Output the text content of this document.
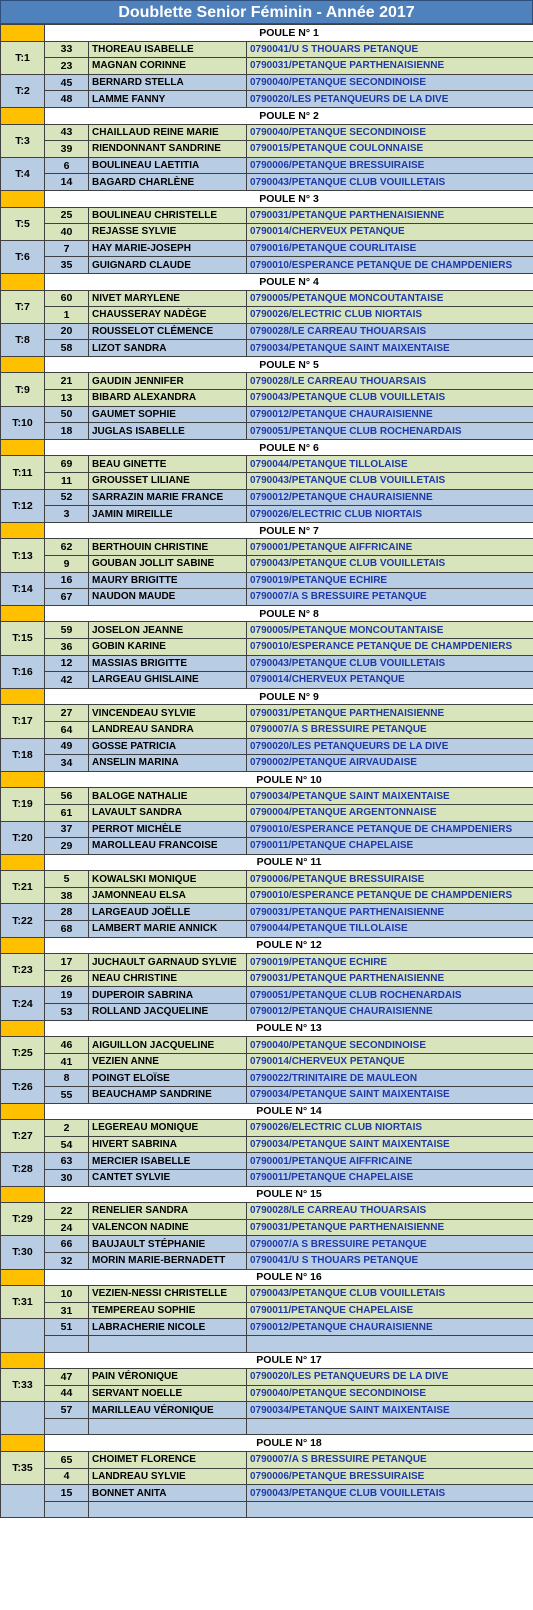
Doublette Senior Féminin - Année 2017
	POULE N° 1		
T:1	33	THOREAU ISABELLE	0790041/U S THOUARS PETANQUE
	23	MAGNAN CORINNE	0790031/PETANQUE PARTHENAISIENNE
T:2	45	BERNARD STELLA	0790040/PETANQUE SECONDINOISE
	48	LAMME FANNY	0790020/LES PETANQUEURS DE LA DIVE
	POULE N° 2		
T:3	43	CHAILLAUD REINE MARIE	0790040/PETANQUE SECONDINOISE
	39	RIENDONNANT SANDRINE	0790015/PETANQUE COULONNAISE
T:4	6	BOULINEAU LAETITIA	0790006/PETANQUE BRESSUIRAISE
	14	BAGARD CHARLÈNE	0790043/PETANQUE CLUB VOUILLETAIS
	POULE N° 3		
T:5	25	BOULINEAU CHRISTELLE	0790031/PETANQUE PARTHENAISIENNE
	40	REJASSE SYLVIE	0790014/CHERVEUX PETANQUE
T:6	7	HAY MARIE-JOSEPH	0790016/PETANQUE COURLITAISE
	35	GUIGNARD CLAUDE	0790010/ESPERANCE PETANQUE DE CHAMPDENIERS
	POULE N° 4		
T:7	60	NIVET MARYLENE	0790005/PETANQUE MONCOUTANTAISE
	1	CHAUSSERAY NADÈGE	0790026/ELECTRIC CLUB NIORTAIS
T:8	20	ROUSSELOT CLÉMENCE	0790028/LE CARREAU THOUARSAIS
	58	LIZOT SANDRA	0790034/PETANQUE SAINT MAIXENTAISE
	POULE N° 5		
T:9	21	GAUDIN JENNIFER	0790028/LE CARREAU THOUARSAIS
	13	BIBARD ALEXANDRA	0790043/PETANQUE CLUB VOUILLETAIS
T:10	50	GAUMET SOPHIE	0790012/PETANQUE CHAURAISIENNE
	18	JUGLAS ISABELLE	0790051/PETANQUE CLUB ROCHENARDAIS
	POULE N° 6		
T:11	69	BEAU GINETTE	0790044/PETANQUE TILLOLAISE
	11	GROUSSET LILIANE	0790043/PETANQUE CLUB VOUILLETAIS
T:12	52	SARRAZIN MARIE FRANCE	0790012/PETANQUE CHAURAISIENNE
	3	JAMIN MIREILLE	0790026/ELECTRIC CLUB NIORTAIS
	POULE N° 7		
T:13	62	BERTHOUIN CHRISTINE	0790001/PETANQUE AIFFRICAINE
	9	GOUBAN JOLLIT SABINE	0790043/PETANQUE CLUB VOUILLETAIS
T:14	16	MAURY BRIGITTE	0790019/PETANQUE ECHIRE
	67	NAUDON MAUDE	0790007/A S BRESSUIRE PETANQUE
	POULE N° 8		
T:15	59	JOSELON JEANNE	0790005/PETANQUE MONCOUTANTAISE
	36	GOBIN KARINE	0790010/ESPERANCE PETANQUE DE CHAMPDENIERS
T:16	12	MASSIAS BRIGITTE	0790043/PETANQUE CLUB VOUILLETAIS
	42	LARGEAU GHISLAINE	0790014/CHERVEUX PETANQUE
	POULE N° 9		
T:17	27	VINCENDEAU SYLVIE	0790031/PETANQUE PARTHENAISIENNE
	64	LANDREAU SANDRA	0790007/A S BRESSUIRE PETANQUE
T:18	49	GOSSE PATRICIA	0790020/LES PETANQUEURS DE LA DIVE
	34	ANSELIN MARINA	0790002/PETANQUE AIRVAUDAISE
	POULE N° 10		
T:19	56	BALOGE NATHALIE	0790034/PETANQUE SAINT MAIXENTAISE
	61	LAVAULT SANDRA	0790004/PETANQUE ARGENTONNAISE
T:20	37	PERROT MICHÈLE	0790010/ESPERANCE PETANQUE DE CHAMPDENIERS
	29	MAROLLEAU FRANCOISE	0790011/PETANQUE CHAPELAISE
	POULE N° 11		
T:21	5	KOWALSKI MONIQUE	0790006/PETANQUE BRESSUIRAISE
	38	JAMONNEAU ELSA	0790010/ESPERANCE PETANQUE DE CHAMPDENIERS
T:22	28	LARGEAUD JOËLLE	0790031/PETANQUE PARTHENAISIENNE
	68	LAMBERT MARIE ANNICK	0790044/PETANQUE TILLOLAISE
	POULE N° 12		
T:23	17	JUCHAULT GARNAUD SYLVIE	0790019/PETANQUE ECHIRE
	26	NEAU CHRISTINE	0790031/PETANQUE PARTHENAISIENNE
T:24	19	DUPEROIR SABRINA	0790051/PETANQUE CLUB ROCHENARDAIS
	53	ROLLAND JACQUELINE	0790012/PETANQUE CHAURAISIENNE
	POULE N° 13		
T:25	46	AIGUILLON JACQUELINE	0790040/PETANQUE SECONDINOISE
	41	VEZIEN ANNE	0790014/CHERVEUX PETANQUE
T:26	8	POINGT ELOÏSE	0790022/TRINITAIRE DE MAULEON
	55	BEAUCHAMP SANDRINE	0790034/PETANQUE SAINT MAIXENTAISE
	POULE N° 14		
T:27	2	LEGEREAU MONIQUE	0790026/ELECTRIC CLUB NIORTAIS
	54	HIVERT SABRINA	0790034/PETANQUE SAINT MAIXENTAISE
T:28	63	MERCIER ISABELLE	0790001/PETANQUE AIFFRICAINE
	30	CANTET SYLVIE	0790011/PETANQUE CHAPELAISE
	POULE N° 15		
T:29	22	RENELIER SANDRA	0790028/LE CARREAU THOUARSAIS
	24	VALENCON NADINE	0790031/PETANQUE PARTHENAISIENNE
T:30	66	BAUJAULT STÉPHANIE	0790007/A S BRESSUIRE PETANQUE
	32	MORIN MARIE-BERNADETT	0790041/U S THOUARS PETANQUE
	POULE N° 16		
T:31	10	VEZIEN-NESSI CHRISTELLE	0790043/PETANQUE CLUB VOUILLETAIS
	31	TEMPEREAU SOPHIE	0790011/PETANQUE CHAPELAISE
	51	LABRACHERIE NICOLE	0790012/PETANQUE CHAURAISIENNE

	POULE N° 17		
T:33	47	PAIN VÉRONIQUE	0790020/LES PETANQUEURS DE LA DIVE
	44	SERVANT NOELLE	0790040/PETANQUE SECONDINOISE
	57	MARILLEAU VÉRONIQUE	0790034/PETANQUE SAINT MAIXENTAISE

	POULE N° 18		
T:35	65	CHOIMET FLORENCE	0790007/A S BRESSUIRE PETANQUE
	4	LANDREAU SYLVIE	0790006/PETANQUE BRESSUIRAISE
	15	BONNET ANITA	0790043/PETANQUE CLUB VOUILLETAIS
